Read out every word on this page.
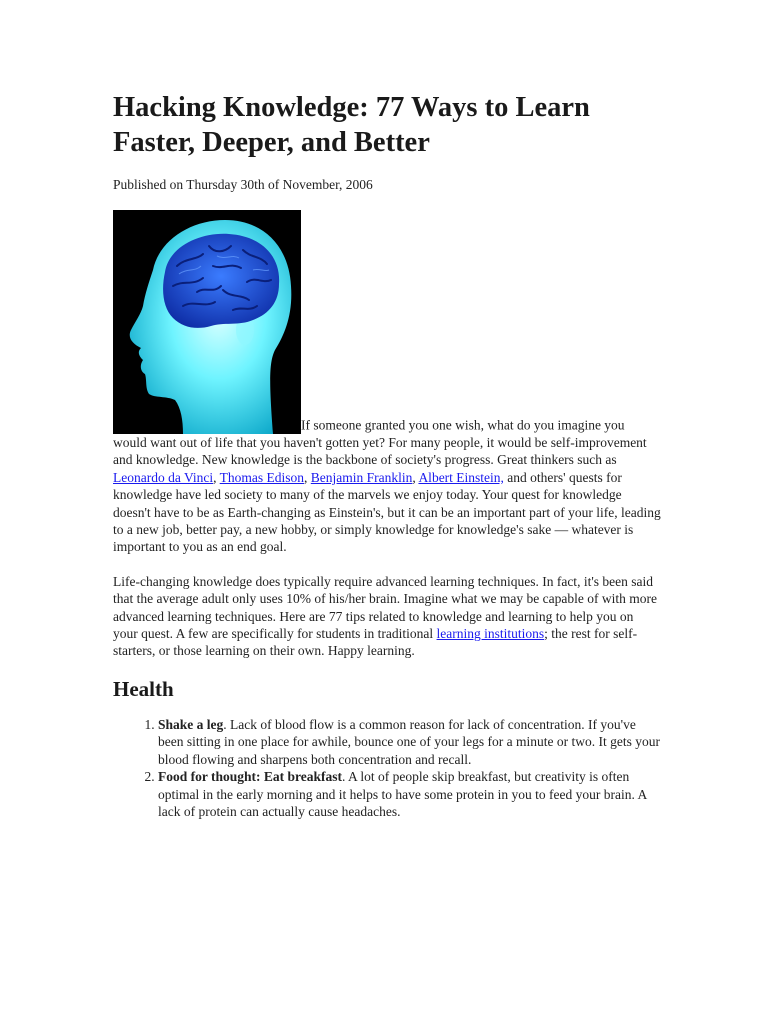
Hacking Knowledge: 77 Ways to Learn Faster, Deeper, and Better
Published on Thursday 30th of November, 2006

If someone granted you one wish, what do you imagine you would want out of life that you haven't gotten yet? For many people, it would be self-improvement and knowledge. New knowledge is the backbone of society's progress. Great thinkers such as Leonardo da Vinci, Thomas Edison, Benjamin Franklin, Albert Einstein, and others' quests for knowledge have led society to many of the marvels we enjoy today. Your quest for knowledge doesn't have to be as Earth-changing as Einstein's, but it can be an important part of your life, leading to a new job, better pay, a new hobby, or simply knowledge for knowledge's sake — whatever is important to you as an end goal.

Life-changing knowledge does typically require advanced learning techniques. In fact, it's been said that the average adult only uses 10% of his/her brain. Imagine what we may be capable of with more advanced learning techniques. Here are 77 tips related to knowledge and learning to help you on your quest. A few are specifically for students in traditional learning institutions; the rest for self-starters, or those learning on their own. Happy learning.

Health
1. Shake a leg. Lack of blood flow is a common reason for lack of concentration. If you've been sitting in one place for awhile, bounce one of your legs for a minute or two. It gets your blood flowing and sharpens both concentration and recall.
2. Food for thought: Eat breakfast. A lot of people skip breakfast, but creativity is often optimal in the early morning and it helps to have some protein in you to feed your brain. A lack of protein can actually cause headaches.
